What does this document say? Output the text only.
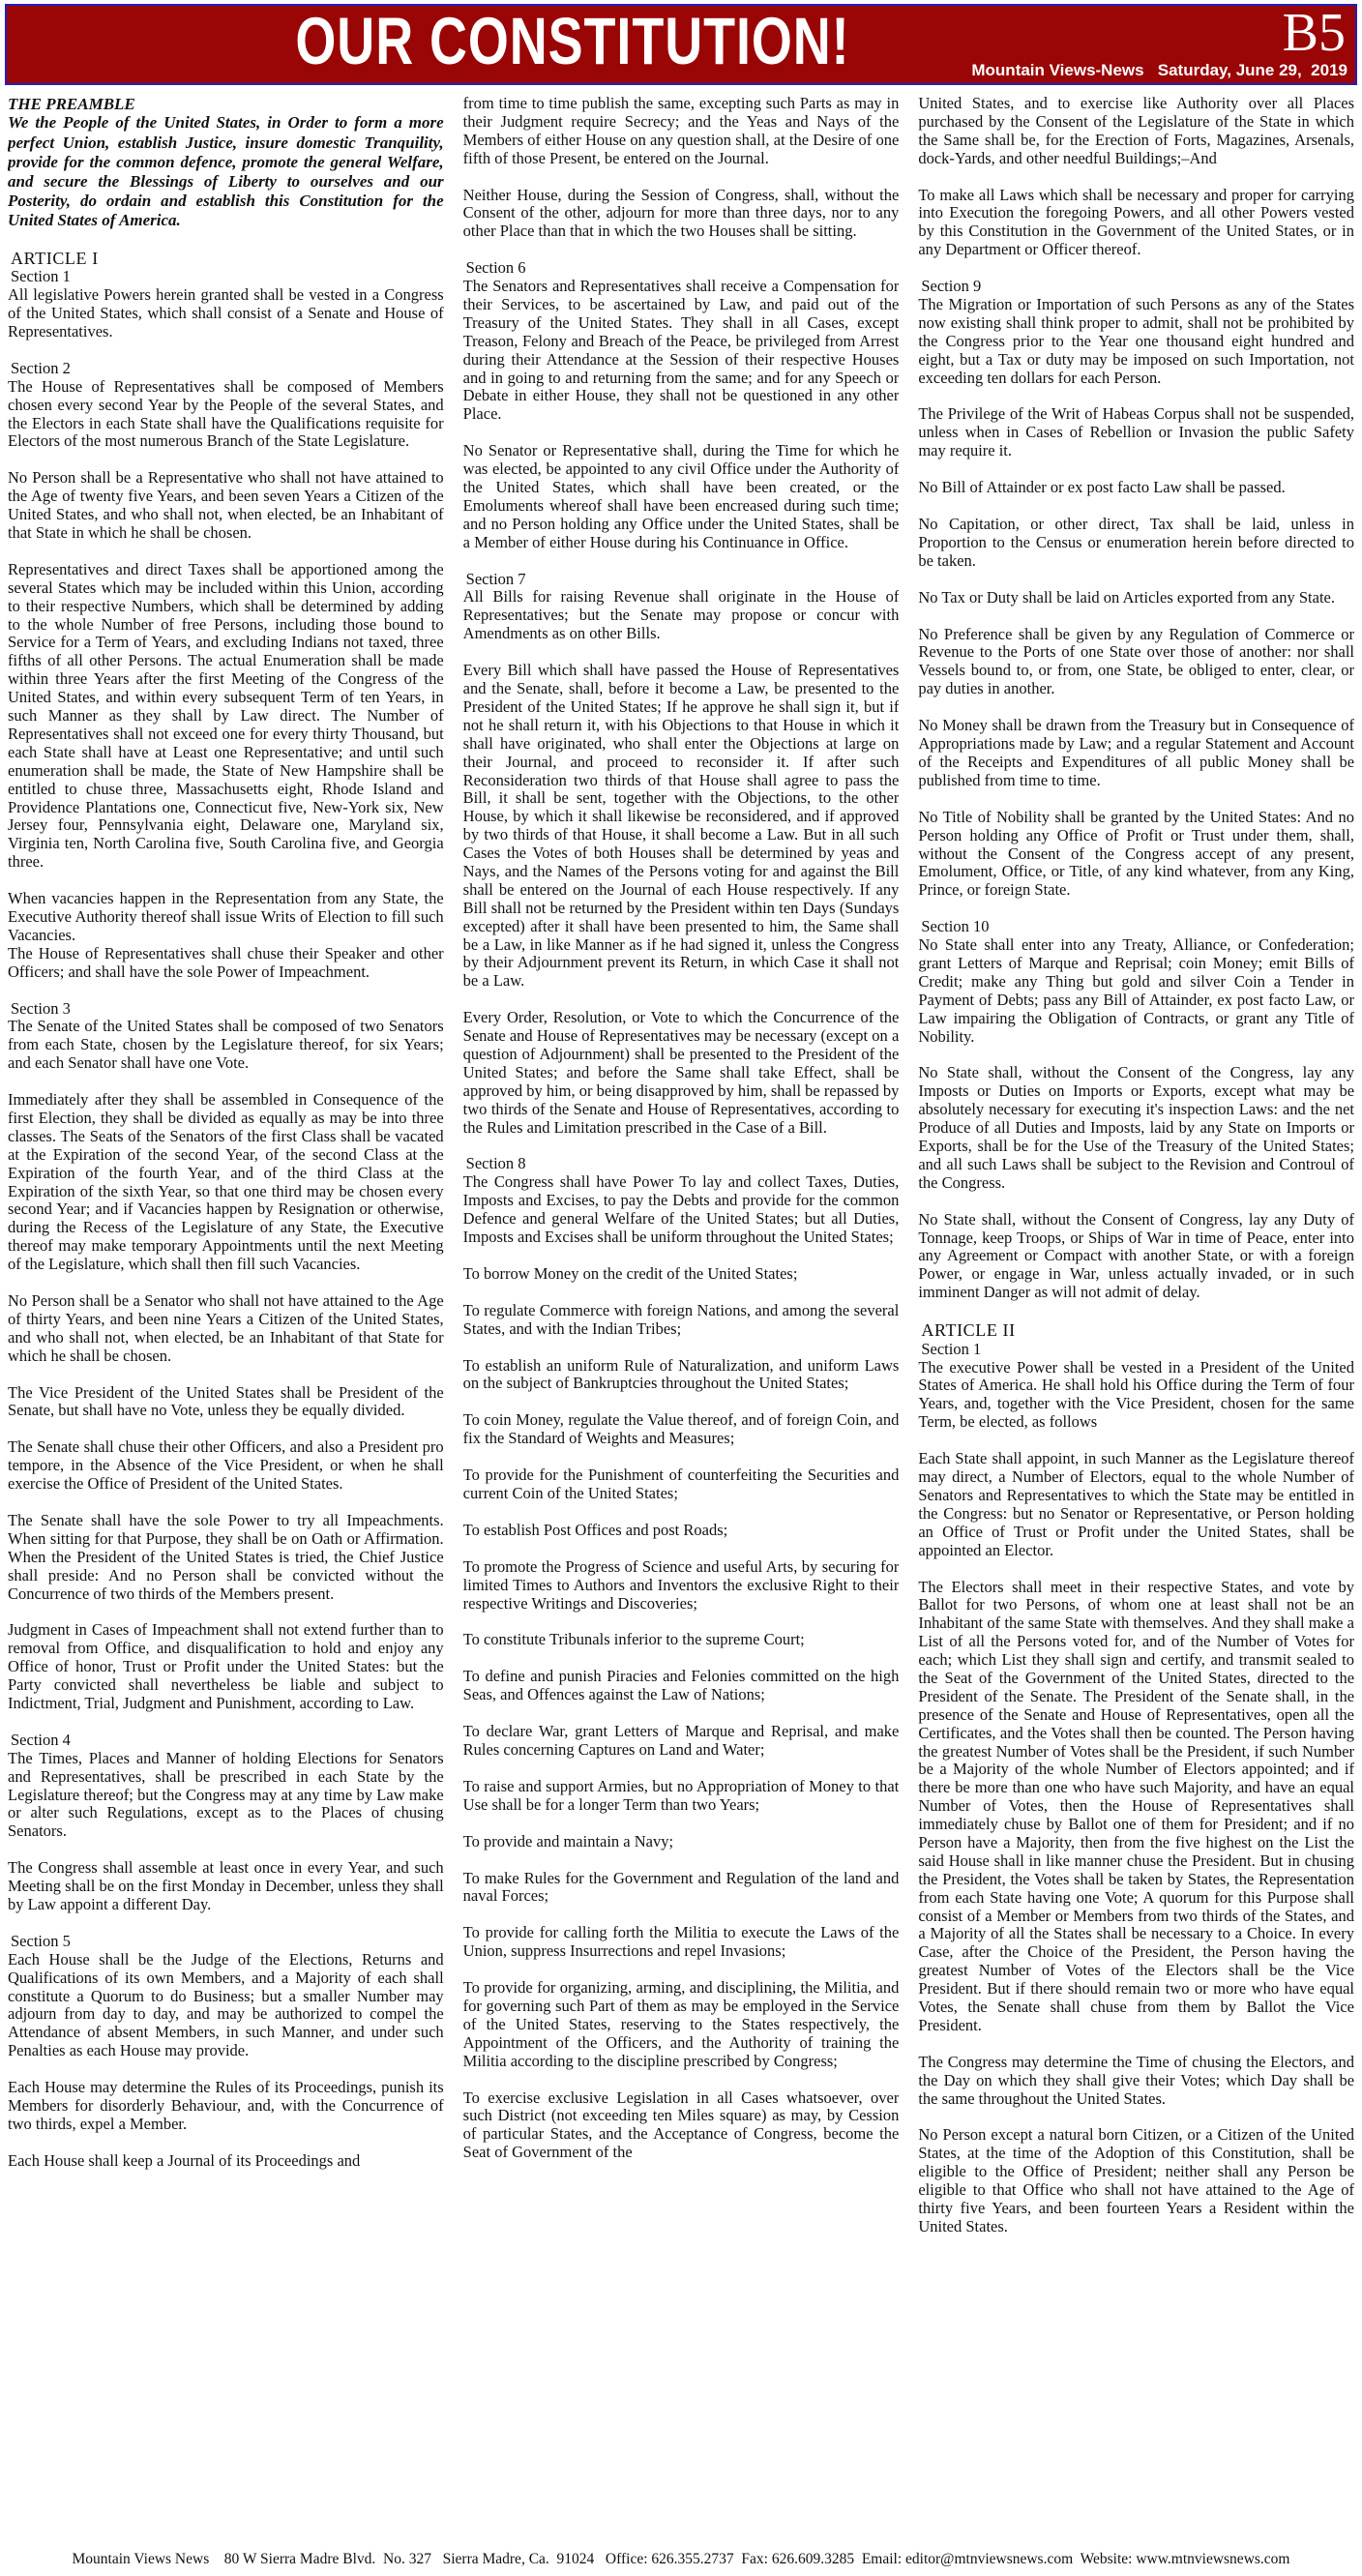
OUR CONSTITUTION!	B5
Mountain Views-News   Saturday, June 29,  2019

THE PREAMBLE

We the People of the United States, in Order to form a more perfect Union, establish Justice, insure domestic Tranquility, provide for the common defence, promote the general Welfare, and secure the Blessings of Liberty to ourselves and our Posterity, do ordain and establish this Constitution for the United States of America.

ARTICLE I

Section 1

All legislative Powers herein granted shall be vested in a Congress of the United States, which shall consist of a Senate and House of Representatives.

Section 2

The House of Representatives shall be composed of Members chosen every second Year by the People of the several States, and the Electors in each State shall have the Qualifications requisite for Electors of the most numerous Branch of the State Legislature.

No Person shall be a Representative who shall not have attained to the Age of twenty five Years, and been seven Years a Citizen of the United States, and who shall not, when elected, be an Inhabitant of that State in which he shall be chosen.

Representatives and direct Taxes shall be apportioned among the several States which may be included within this Union, according to their respective Numbers, which shall be determined by adding to the whole Number of free Persons, including those bound to Service for a Term of Years, and excluding Indians not taxed, three fifths of all other Persons. The actual Enumeration shall be made within three Years after the first Meeting of the Congress of the United States, and within every subsequent Term of ten Years, in such Manner as they shall by Law direct. The Number of Representatives shall not exceed one for every thirty Thousand, but each State shall have at Least one Representative; and until such enumeration shall be made, the State of New Hampshire shall be entitled to chuse three, Massachusetts eight, Rhode Island and Providence Plantations one, Connecticut five, New-York six, New Jersey four, Pennsylvania eight, Delaware one, Maryland six, Virginia ten, North Carolina five, South Carolina five, and Georgia three.

When vacancies happen in the Representation from any State, the Executive Authority thereof shall issue Writs of Election to fill such Vacancies.

The House of Representatives shall chuse their Speaker and other Officers; and shall have the sole Power of Impeachment.

Section 3

The Senate of the United States shall be composed of two Senators from each State, chosen by the Legislature thereof, for six Years; and each Senator shall have one Vote.

Immediately after they shall be assembled in Consequence of the first Election, they shall be divided as equally as may be into three classes. The Seats of the Senators of the first Class shall be vacated at the Expiration of the second Year, of the second Class at the Expiration of the fourth Year, and of the third Class at the Expiration of the sixth Year, so that one third may be chosen every second Year; and if Vacancies happen by Resignation or otherwise, during the Recess of the Legislature of any State, the Executive thereof may make temporary Appointments until the next Meeting of the Legislature, which shall then fill such Vacancies.

No Person shall be a Senator who shall not have attained to the Age of thirty Years, and been nine Years a Citizen of the United States, and who shall not, when elected, be an Inhabitant of that State for which he shall be chosen.

The Vice President of the United States shall be President of the Senate, but shall have no Vote, unless they be equally divided.

The Senate shall chuse their other Officers, and also a President pro tempore, in the Absence of the Vice President, or when he shall exercise the Office of President of the United States.

The Senate shall have the sole Power to try all Impeachments. When sitting for that Purpose, they shall be on Oath or Affirmation. When the President of the United States is tried, the Chief Justice shall preside: And no Person shall be convicted without the Concurrence of two thirds of the Members present.

Judgment in Cases of Impeachment shall not extend further than to removal from Office, and disqualification to hold and enjoy any Office of honor, Trust or Profit under the United States: but the Party convicted shall nevertheless be liable and subject to Indictment, Trial, Judgment and Punishment, according to Law.

Section 4

The Times, Places and Manner of holding Elections for Senators and Representatives, shall be prescribed in each State by the Legislature thereof; but the Congress may at any time by Law make or alter such Regulations, except as to the Places of chusing Senators.

The Congress shall assemble at least once in every Year, and such Meeting shall be on the first Monday in December, unless they shall by Law appoint a different Day.

Section 5

Each House shall be the Judge of the Elections, Returns and Qualifications of its own Members, and a Majority of each shall constitute a Quorum to do Business; but a smaller Number may adjourn from day to day, and may be authorized to compel the Attendance of absent Members, in such Manner, and under such Penalties as each House may provide.

Each House may determine the Rules of its Proceedings, punish its Members for disorderly Behaviour, and, with the Concurrence of two thirds, expel a Member.

Each House shall keep a Journal of its Proceedings and

from time to time publish the same, excepting such Parts as may in their Judgment require Secrecy; and the Yeas and Nays of the Members of either House on any question shall, at the Desire of one fifth of those Present, be entered on the Journal.

Neither House, during the Session of Congress, shall, without the Consent of the other, adjourn for more than three days, nor to any other Place than that in which the two Houses shall be sitting.

Section 6

The Senators and Representatives shall receive a Compensation for their Services, to be ascertained by Law, and paid out of the Treasury of the United States. They shall in all Cases, except Treason, Felony and Breach of the Peace, be privileged from Arrest during their Attendance at the Session of their respective Houses and in going to and returning from the same; and for any Speech or Debate in either House, they shall not be questioned in any other Place.

No Senator or Representative shall, during the Time for which he was elected, be appointed to any civil Office under the Authority of the United States, which shall have been created, or the Emoluments whereof shall have been encreased during such time; and no Person holding any Office under the United States, shall be a Member of either House during his Continuance in Office.

Section 7

All Bills for raising Revenue shall originate in the House of Representatives; but the Senate may propose or concur with Amendments as on other Bills.

Every Bill which shall have passed the House of Representatives and the Senate, shall, before it become a Law, be presented to the President of the United States; If he approve he shall sign it, but if not he shall return it, with his Objections to that House in which it shall have originated, who shall enter the Objections at large on their Journal, and proceed to reconsider it. If after such Reconsideration two thirds of that House shall agree to pass the Bill, it shall be sent, together with the Objections, to the other House, by which it shall likewise be reconsidered, and if approved by two thirds of that House, it shall become a Law. But in all such Cases the Votes of both Houses shall be determined by yeas and Nays, and the Names of the Persons voting for and against the Bill shall be entered on the Journal of each House respectively. If any Bill shall not be returned by the President within ten Days (Sundays excepted) after it shall have been presented to him, the Same shall be a Law, in like Manner as if he had signed it, unless the Congress by their Adjournment prevent its Return, in which Case it shall not be a Law.

Every Order, Resolution, or Vote to which the Concurrence of the Senate and House of Representatives may be necessary (except on a question of Adjournment) shall be presented to the President of the United States; and before the Same shall take Effect, shall be approved by him, or being disapproved by him, shall be repassed by two thirds of the Senate and House of Representatives, according to the Rules and Limitation prescribed in the Case of a Bill.

Section 8

The Congress shall have Power To lay and collect Taxes, Duties, Imposts and Excises, to pay the Debts and provide for the common Defence and general Welfare of the United States; but all Duties, Imposts and Excises shall be uniform throughout the United States;

To borrow Money on the credit of the United States;

To regulate Commerce with foreign Nations, and among the several States, and with the Indian Tribes;

To establish an uniform Rule of Naturalization, and uniform Laws on the subject of Bankruptcies throughout the United States;

To coin Money, regulate the Value thereof, and of foreign Coin, and fix the Standard of Weights and Measures;

To provide for the Punishment of counterfeiting the Securities and current Coin of the United States;

To establish Post Offices and post Roads;

To promote the Progress of Science and useful Arts, by securing for limited Times to Authors and Inventors the exclusive Right to their respective Writings and Discoveries;

To constitute Tribunals inferior to the supreme Court;

To define and punish Piracies and Felonies committed on the high Seas, and Offences against the Law of Nations;

To declare War, grant Letters of Marque and Reprisal, and make Rules concerning Captures on Land and Water;

To raise and support Armies, but no Appropriation of Money to that Use shall be for a longer Term than two Years;

To provide and maintain a Navy;

To make Rules for the Government and Regulation of the land and naval Forces;

To provide for calling forth the Militia to execute the Laws of the Union, suppress Insurrections and repel Invasions;

To provide for organizing, arming, and disciplining, the Militia, and for governing such Part of them as may be employed in the Service of the United States, reserving to the States respectively, the Appointment of the Officers, and the Authority of training the Militia according to the discipline prescribed by Congress;

To exercise exclusive Legislation in all Cases whatsoever, over such District (not exceeding ten Miles square) as may, by Cession of particular States, and the Acceptance of Congress, become the Seat of Government of the

United States, and to exercise like Authority over all Places purchased by the Consent of the Legislature of the State in which the Same shall be, for the Erection of Forts, Magazines, Arsenals, dock-Yards, and other needful Buildings;–And

To make all Laws which shall be necessary and proper for carrying into Execution the foregoing Powers, and all other Powers vested by this Constitution in the Government of the United States, or in any Department or Officer thereof.

Section 9

The Migration or Importation of such Persons as any of the States now existing shall think proper to admit, shall not be prohibited by the Congress prior to the Year one thousand eight hundred and eight, but a Tax or duty may be imposed on such Importation, not exceeding ten dollars for each Person.

The Privilege of the Writ of Habeas Corpus shall not be suspended, unless when in Cases of Rebellion or Invasion the public Safety may require it.

No Bill of Attainder or ex post facto Law shall be passed.

No Capitation, or other direct, Tax shall be laid, unless in Proportion to the Census or enumeration herein before directed to be taken.

No Tax or Duty shall be laid on Articles exported from any State.

No Preference shall be given by any Regulation of Commerce or Revenue to the Ports of one State over those of another: nor shall Vessels bound to, or from, one State, be obliged to enter, clear, or pay duties in another.

No Money shall be drawn from the Treasury but in Consequence of Appropriations made by Law; and a regular Statement and Account of the Receipts and Expenditures of all public Money shall be published from time to time.

No Title of Nobility shall be granted by the United States: And no Person holding any Office of Profit or Trust under them, shall, without the Consent of the Congress accept of any present, Emolument, Office, or Title, of any kind whatever, from any King, Prince, or foreign State.

Section 10

No State shall enter into any Treaty, Alliance, or Confederation; grant Letters of Marque and Reprisal; coin Money; emit Bills of Credit; make any Thing but gold and silver Coin a Tender in Payment of Debts; pass any Bill of Attainder, ex post facto Law, or Law impairing the Obligation of Contracts, or grant any Title of Nobility.

No State shall, without the Consent of the Congress, lay any Imposts or Duties on Imports or Exports, except what may be absolutely necessary for executing it's inspection Laws: and the net Produce of all Duties and Imposts, laid by any State on Imports or Exports, shall be for the Use of the Treasury of the United States; and all such Laws shall be subject to the Revision and Controul of the Congress.

No State shall, without the Consent of Congress, lay any Duty of Tonnage, keep Troops, or Ships of War in time of Peace, enter into any Agreement or Compact with another State, or with a foreign Power, or engage in War, unless actually invaded, or in such imminent Danger as will not admit of delay.

ARTICLE II

Section 1

The executive Power shall be vested in a President of the United States of America. He shall hold his Office during the Term of four Years, and, together with the Vice President, chosen for the same Term, be elected, as follows

Each State shall appoint, in such Manner as the Legislature thereof may direct, a Number of Electors, equal to the whole Number of Senators and Representatives to which the State may be entitled in the Congress: but no Senator or Representative, or Person holding an Office of Trust or Profit under the United States, shall be appointed an Elector.

The Electors shall meet in their respective States, and vote by Ballot for two Persons, of whom one at least shall not be an Inhabitant of the same State with themselves. And they shall make a List of all the Persons voted for, and of the Number of Votes for each; which List they shall sign and certify, and transmit sealed to the Seat of the Government of the United States, directed to the President of the Senate. The President of the Senate shall, in the presence of the Senate and House of Representatives, open all the Certificates, and the Votes shall then be counted. The Person having the greatest Number of Votes shall be the President, if such Number be a Majority of the whole Number of Electors appointed; and if there be more than one who have such Majority, and have an equal Number of Votes, then the House of Representatives shall immediately chuse by Ballot one of them for President; and if no Person have a Majority, then from the five highest on the List the said House shall in like manner chuse the President. But in chusing the President, the Votes shall be taken by States, the Representation from each State having one Vote; A quorum for this Purpose shall consist of a Member or Members from two thirds of the States, and a Majority of all the States shall be necessary to a Choice. In every Case, after the Choice of the President, the Person having the greatest Number of Votes of the Electors shall be the Vice President. But if there should remain two or more who have equal Votes, the Senate shall chuse from them by Ballot the Vice President.

The Congress may determine the Time of chusing the Electors, and the Day on which they shall give their Votes; which Day shall be the same throughout the United States.

No Person except a natural born Citizen, or a Citizen of the United States, at the time of the Adoption of this Constitution, shall be eligible to the Office of President; neither shall any Person be eligible to that Office who shall not have attained to the Age of thirty five Years, and been fourteen Years a Resident within the United States.

Mountain Views News    80 W Sierra Madre Blvd.  No. 327   Sierra Madre, Ca.  91024   Office: 626.355.2737  Fax: 626.609.3285  Email: editor@mtnviewsnews.com  Website: www.mtnviewsnews.com
